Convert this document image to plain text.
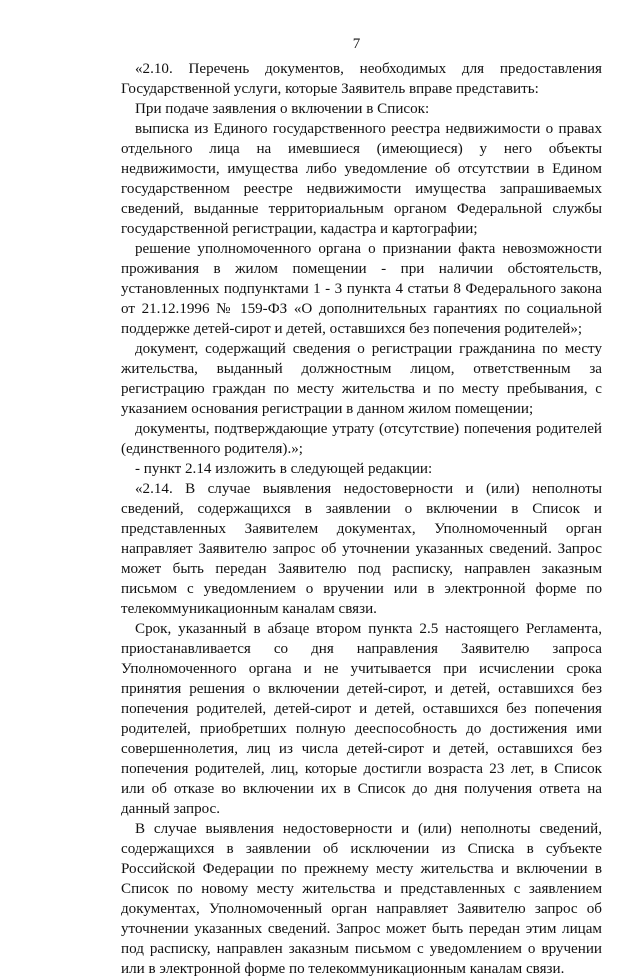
7

«2.10. Перечень документов, необходимых для предоставления Государственной услуги, которые Заявитель вправе представить:

При подаче заявления о включении в Список:

выписка из Единого государственного реестра недвижимости о правах отдельного лица на имевшиеся (имеющиеся) у него объекты недвижимости, имущества либо уведомление об отсутствии в Едином государственном реестре недвижимости имущества запрашиваемых сведений, выданные территориальным органом Федеральной службы государственной регистрации, кадастра и картографии;

решение уполномоченного органа о признании факта невозможности проживания в жилом помещении - при наличии обстоятельств, установленных подпунктами 1 - 3 пункта 4 статьи 8 Федерального закона от 21.12.1996 № 159-ФЗ «О дополнительных гарантиях по социальной поддержке детей-сирот и детей, оставшихся без попечения родителей»;

документ, содержащий сведения о регистрации гражданина по месту жительства, выданный должностным лицом, ответственным за регистрацию граждан по месту жительства и по месту пребывания, с указанием основания регистрации в данном жилом помещении;

документы, подтверждающие утрату (отсутствие) попечения родителей (единственного родителя).»;

- пункт 2.14 изложить в следующей редакции:

«2.14. В случае выявления недостоверности и (или) неполноты сведений, содержащихся в заявлении о включении в Список и представленных Заявителем документах, Уполномоченный орган направляет Заявителю запрос об уточнении указанных сведений. Запрос может быть передан Заявителю под расписку, направлен заказным письмом с уведомлением о вручении или в электронной форме по телекоммуникационным каналам связи.

Срок, указанный в абзаце втором пункта 2.5 настоящего Регламента, приостанавливается со дня направления Заявителю запроса Уполномоченного органа и не учитывается при исчислении срока принятия решения о включении детей-сирот, и детей, оставшихся без попечения родителей, детей-сирот и детей, оставшихся без попечения родителей, приобретших полную дееспособность до достижения ими совершеннолетия, лиц из числа детей-сирот и детей, оставшихся без попечения родителей, лиц, которые достигли возраста 23 лет, в Список или об отказе во включении их в Список до дня получения ответа на данный запрос.

В случае выявления недостоверности и (или) неполноты сведений, содержащихся в заявлении об исключении из Списка в субъекте Российской Федерации по прежнему месту жительства и включении в Список по новому месту жительства и представленных с заявлением документах, Уполномоченный орган направляет Заявителю запрос об уточнении указанных сведений. Запрос может быть передан этим лицам под расписку, направлен заказным письмом с уведомлением о вручении или в электронной форме по телекоммуникационным каналам связи.
